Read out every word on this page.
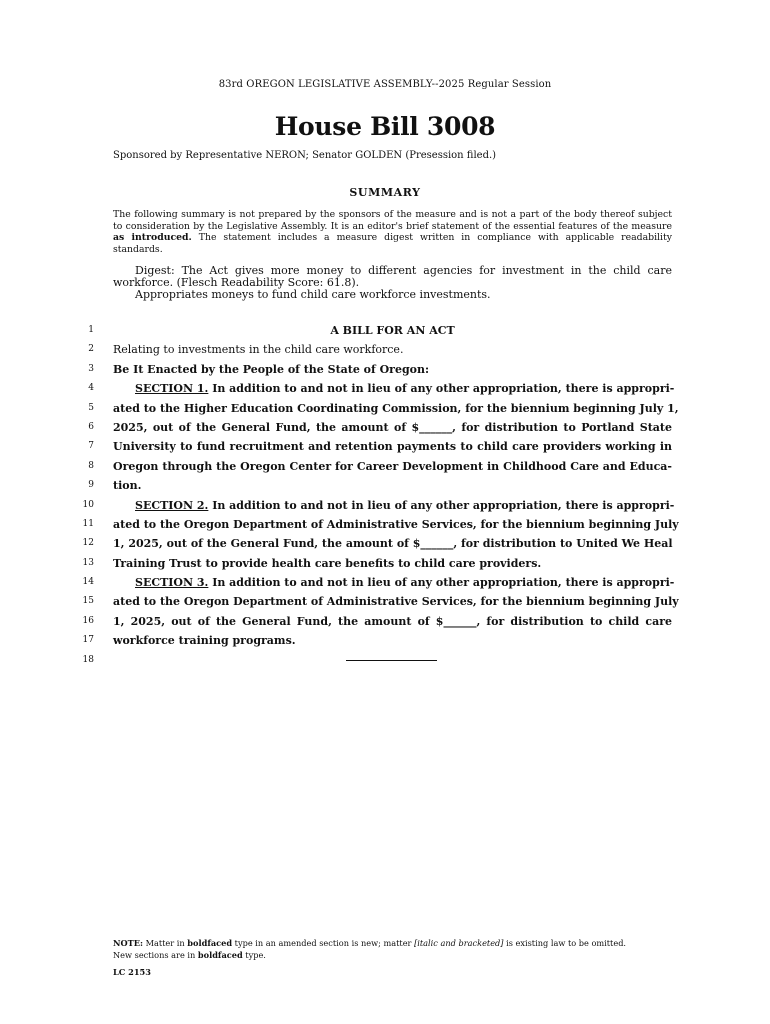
83rd OREGON LEGISLATIVE ASSEMBLY--2025 Regular Session
House Bill 3008
Sponsored by Representative NERON; Senator GOLDEN (Presession filed.)
SUMMARY
The following summary is not prepared by the sponsors of the measure and is not a part of the body thereof subject to consideration by the Legislative Assembly. It is an editor's brief statement of the essential features of the measure as introduced. The statement includes a measure digest written in compliance with applicable readability standards.

Digest: The Act gives more money to different agencies for investment in the child care workforce. (Flesch Readability Score: 61.8).

Appropriates moneys to fund child care workforce investments.

1	A BILL FOR AN ACT
2 Relating to investments in the child care workforce.
3 Be It Enacted by the People of the State of Oregon:
4	SECTION 1. In addition to and not in lieu of any other appropriation, there is appropri-
5 ated to the Higher Education Coordinating Commission, for the biennium beginning July 1,
6 2025, out of the General Fund, the amount of $______, for distribution to Portland State
7 University to fund recruitment and retention payments to child care providers working in
8 Oregon through the Oregon Center for Career Development in Childhood Care and Educa-
9 tion.
10	SECTION 2. In addition to and not in lieu of any other appropriation, there is appropri-
11 ated to the Oregon Department of Administrative Services, for the biennium beginning July
12 1, 2025, out of the General Fund, the amount of $______, for distribution to United We Heal
13 Training Trust to provide health care benefits to child care providers.
14	SECTION 3. In addition to and not in lieu of any other appropriation, there is appropri-
15 ated to the Oregon Department of Administrative Services, for the biennium beginning July
16 1, 2025, out of the General Fund, the amount of $______, for distribution to child care
17 workforce training programs.
18
NOTE: Matter in boldfaced type in an amended section is new; matter [italic and bracketed] is existing law to be omitted.
New sections are in boldfaced type.
LC 2153
